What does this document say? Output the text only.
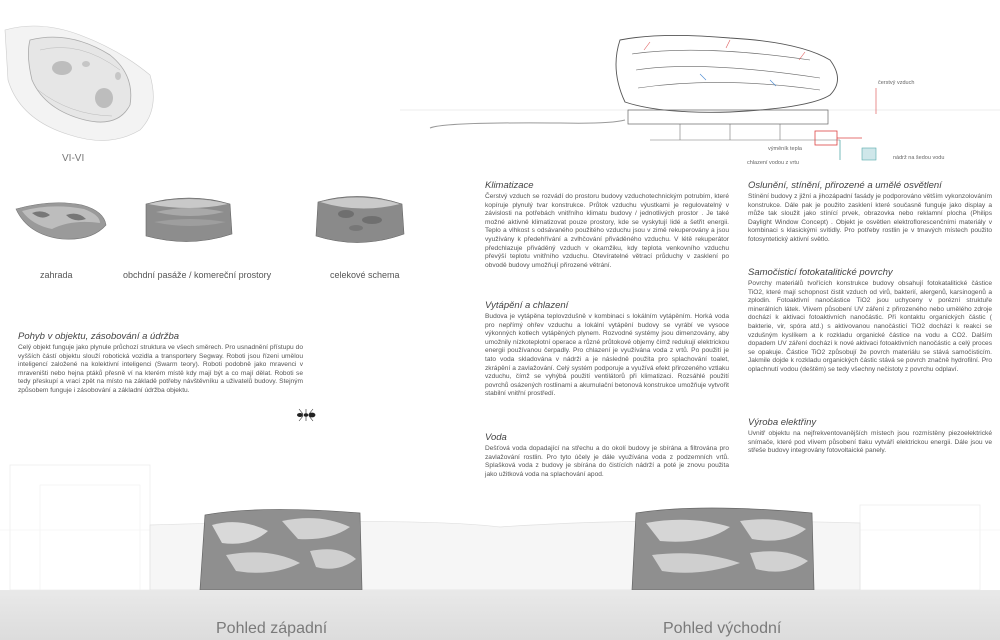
VI-VI
čerstvý vzduch
výměník tepla
chlazení vodou z vrtu
nádrž na šedou vodu
zahrada	obchdní pasáže / komereční prostory	celekové schema
Pohyb v objektu, zásobování a údržba
Celý objekt funguje jako plynule průchozí struktura ve všech směrech. Pro usnadnění přístupu do vyšších částí objektu slouží robotická vozidla a transportery Segway. Roboti jsou řízeni umělou inteligencí založené na kolektivní inteligenci (Swarm teory). Roboti podobně jako mravenci v mraveništi nebo hejna ptáků přesně ví na kterém místě kdy mají být a co mají dělat. Roboti se tedy přeskupí a vrací zpět na místo na základě potřeby návštěvníku a uživatelů budovy. Stejným způsobem funguje i zásobování a základní údržba objektu.
Klimatizace
Čerstvý vzduch se rozvádí do prostoru budovy vzduchotechnickým potrubím, které kopíruje plynulý tvar konstrukce. Průtok vzduchu výustkami je regulovatelný v závislosti na potřebách vnitřního klimatu budovy / jednotlivých prostor . Je také možné aktivně klimatizovat pouze prostory, kde se vyskytují lidé a šetřit energii. Teplo a vlhkost s odsávaného použitého vzduchu jsou v zimě rekuperovány a jsou využívány k předehřívání a zvlhčování přiváděného vzduchu. V létě rekuperátor předchlazuje přiváděný vzduch v okamžiku, kdy teplota venkovního vzduchu převýší teplotu vnitřního vzduchu. Otevíratelné větrací průduchy v zasklení po obvodě budovy umožňují přirozené větrání.
Vytápění a chlazení
Budova je vytápěna teplovzdušně v kombinaci s lokálním vytápěním. Horká voda pro nepřímý ohřev vzduchu a lokální vytápění budovy se vyrábí ve vysoce výkonných kotlech vytápěných plynem. Rozvodné systémy jsou dimenzovány, aby umožnily nízkoteplotní operace a různé průtokové objemy čímž redukují elektrickou energii používanou čerpadly. Pro chlazení je využívána voda z vrtů. Po použití je tato voda skladována v nádrži a je následně použita pro splachování toalet, zkrápění a zavlažování. Celý systém podporuje a využívá efekt přirozeného vztlaku vzduchu, čímž se vyhýbá použití ventilátorů při klimatizaci. Rozsáhlé použití povrchů osázených rostlinami a akumulační betonová konstrukce umožňuje vytvořit stabilní vnitřní prostředí.
Voda
Dešťová voda dopadající na střechu a do okolí budovy je sbírána a filtrována pro zavlažování rostlin. Pro tyto účely je dále využívána voda z podzemních vrtů. Splašková voda z budovy je sbírána do čistících nádrží a poté je znovu použita jako užitková voda na splachování apod.
Oslunění, stínění, přirozené a umělé osvětlení
Stínění budovy z jižní a jihozápadní fasády je podporováno větším vykonzolováním konstrukce. Dále pak je použito zasklení které současně funguje jako display a může tak sloužit jako stínící prvek, obrazovka nebo reklamní plocha (Philips Daylight Window Concept) . Objekt je osvětlen elektroflorescenčními materiály v kombinaci s klasickými svítidly. Pro potřeby rostlin je v tmavých místech použito fotosyntetický aktivní světlo.
Samočisticí fotokatalitické povrchy
Povrchy materiálů tvořících konstrukce budovy obsahují fotokatalitické částice TiO2, které mají schopnost čistit vzduch od virů, bakterií, alergenů, karsinogenů a zplodin. Fotoaktivní nanočástice TiO2 jsou uchyceny v porézní struktuře minerálních látek. Vlivem působení UV záření z přirozeného nebo umělého zdroje dochází k aktivaci fotoaktivních nanočástic. Při kontaktu organických částic ( bakterie, vir, spóra atd.) s aktivovanou nanočásticí TiO2 dochází k reakci se vzdušným kyslíkem a k rozkladu organické částice na vodu a CO2. Dalším dopadem UV záření dochází k nové aktivaci fotoaktivních nanočástic a celý proces se opakuje. Částice TiO2 způsobují že povrch materiálu se stává samočisticím. Jakmile dojde k rozkladu organických částic stává se povrch značně hydrofilní. Pro oplachnutí vodou (deštěm) se tedy všechny nečistoty z povrchu odplaví.
Výroba elektřiny
Uvnitř objektu na nejfrekventovanějších místech jsou rozmístěny piezoelektrické snímače, které pod vlivem působení tlaku vytváří elektrickou energii. Dále jsou ve střeše budovy integrovány fotovoltaické panely.
Pohled západní	Pohled východní
